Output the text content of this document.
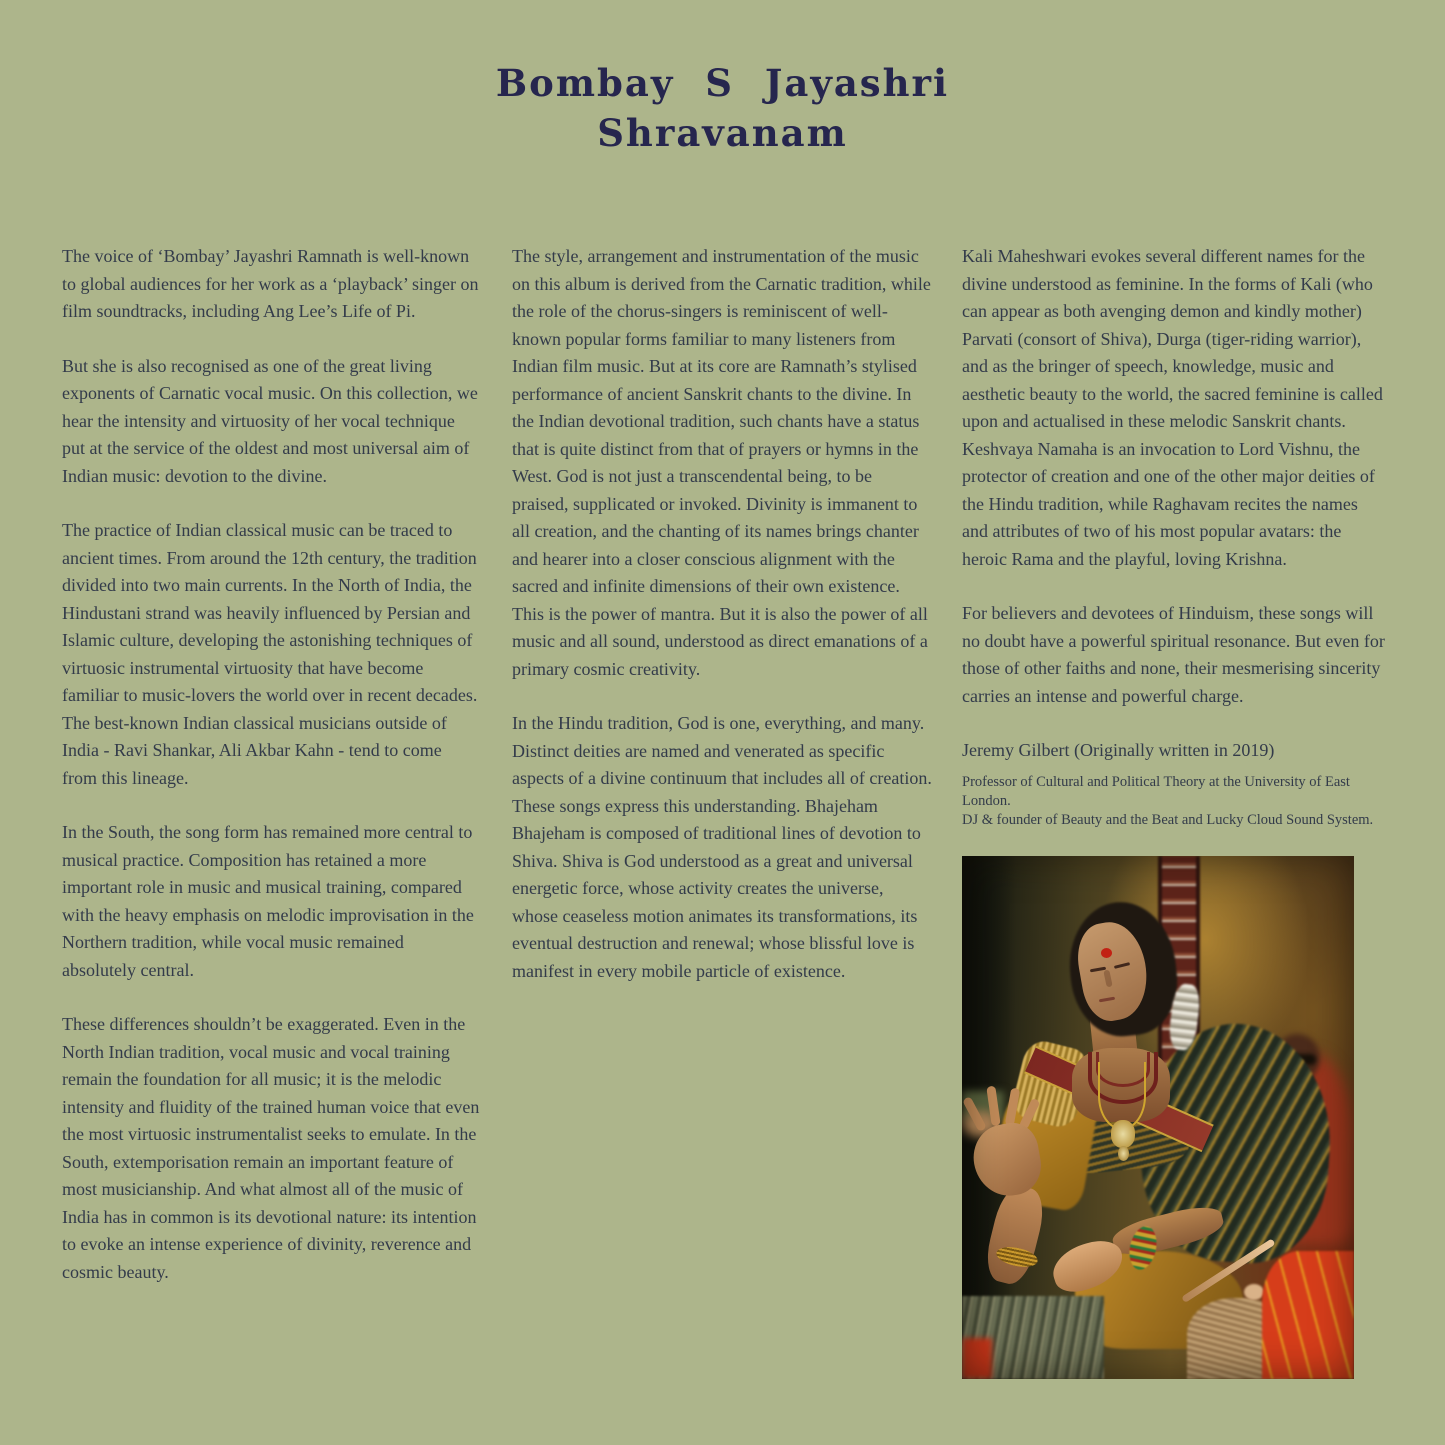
Bombay S Jayashri
Shravanam

The voice of ‘Bombay’ Jayashri Ramnath is well-known to global audiences for her work as a ‘playback’ singer on film soundtracks, including Ang Lee’s Life of Pi.

But she is also recognised as one of the great living exponents of Carnatic vocal music. On this collection, we hear the intensity and virtuosity of her vocal technique put at the service of the oldest and most universal aim of Indian music: devotion to the divine.

The practice of Indian classical music can be traced to ancient times. From around the 12th century, the tradition divided into two main currents. In the North of India, the Hindustani strand was heavily influenced by Persian and Islamic culture, developing the astonishing techniques of virtuosic instrumental virtuosity that have become familiar to music-lovers the world over in recent decades. The best-known Indian classical musicians outside of India - Ravi Shankar, Ali Akbar Kahn - tend to come from this lineage.

In the South, the song form has remained more central to musical practice. Composition has retained a more important role in music and musical training, compared with the heavy emphasis on melodic improvisation in the Northern tradition, while vocal music remained absolutely central.

These differences shouldn’t be exaggerated. Even in the North Indian tradition, vocal music and vocal training remain the foundation for all music; it is the melodic intensity and fluidity of the trained human voice that even the most virtuosic instrumentalist seeks to emulate. In the South, extemporisation remain an important feature of most musicianship. And what almost all of the music of India has in common is its devotional nature: its intention to evoke an intense experience of divinity, reverence and cosmic beauty.

The style, arrangement and instrumentation of the music on this album is derived from the Carnatic tradition, while the role of the chorus-singers is reminiscent of well-known popular forms familiar to many listeners from Indian film music. But at its core are Ramnath’s stylised performance of ancient Sanskrit chants to the divine. In the Indian devotional tradition, such chants have a status that is quite distinct from that of prayers or hymns in the West. God is not just a transcendental being, to be praised, supplicated or invoked. Divinity is immanent to all creation, and the chanting of its names brings chanter and hearer into a closer conscious alignment with the sacred and infinite dimensions of their own existence. This is the power of mantra. But it is also the power of all music and all sound, understood as direct emanations of a primary cosmic creativity.

In the Hindu tradition, God is one, everything, and many. Distinct deities are named and venerated as specific aspects of a divine continuum that includes all of creation. These songs express this understanding. Bhajeham Bhajeham is composed of traditional lines of devotion to Shiva. Shiva is God understood as a great and universal energetic force, whose activity creates the universe, whose ceaseless motion animates its transformations, its eventual destruction and renewal; whose blissful love is manifest in every mobile particle of existence.

Kali Maheshwari evokes several different names for the divine understood as feminine. In the forms of Kali (who can appear as both avenging demon and kindly mother) Parvati (consort of Shiva), Durga (tiger-riding warrior), and as the bringer of speech, knowledge, music and aesthetic beauty to the world, the sacred feminine is called upon and actualised in these melodic Sanskrit chants. Keshvaya Namaha is an invocation to Lord Vishnu, the protector of creation and one of the other major deities of the Hindu tradition, while Raghavam recites the names and attributes of two of his most popular avatars: the heroic Rama and the playful, loving Krishna.

For believers and devotees of Hinduism, these songs will no doubt have a powerful spiritual resonance. But even for those of other faiths and none, their mesmerising sincerity carries an intense and powerful charge.

Jeremy Gilbert (Originally written in 2019)

Professor of Cultural and Political Theory at the University of East London.

DJ & founder of Beauty and the Beat and Lucky Cloud Sound System.
